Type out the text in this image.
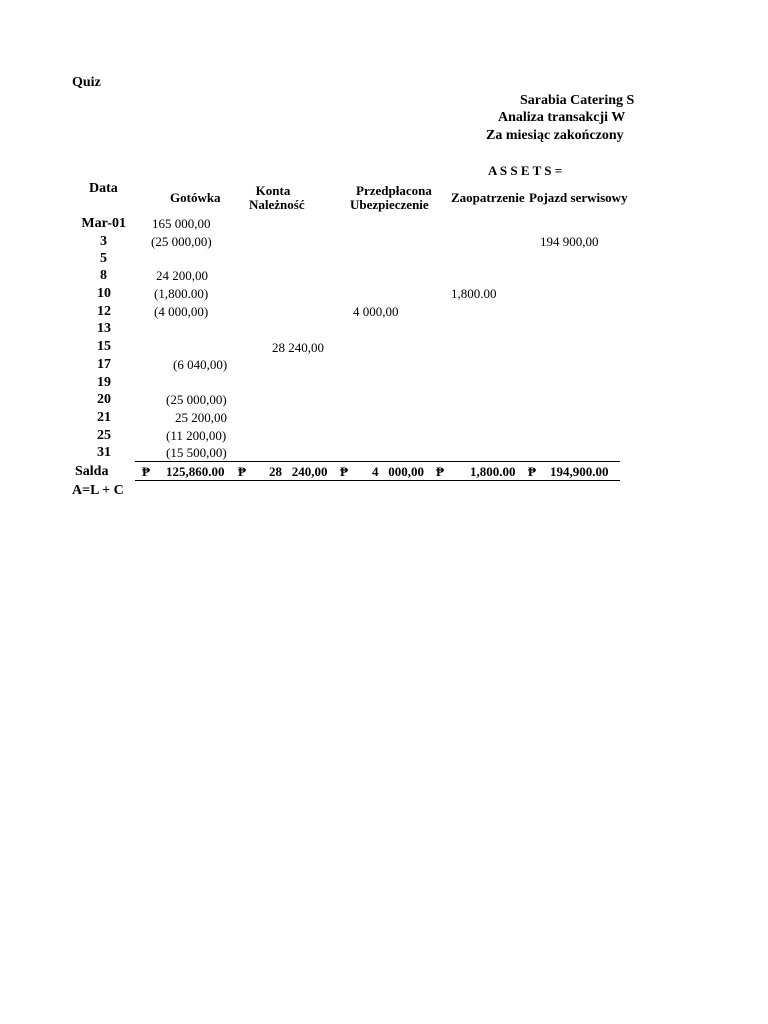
Quiz
Sarabia Catering S
Analiza transakcji W
Za miesiąc zakończony
A S S E T S =
Data
Gotówka	Konta
Należność
Przedpłacona
Ubezpieczenie Zaopatrzenie Pojazd serwisowy
Mar-01
3
5
8
10
12
13
15
17
19
20
21
25
31
165 000,00
(25 000,00)
24 200,00
(1,800.00)
(4 000,00)
(6 040,00)
(25 000,00)
25 200,00
(11 200,00)
(15 500,00)
28 240,00
4 000,00
1,800.00
194 900,00
Salda	₱ 125,860.00 ₱ 28   240,00 ₱ 4   000,00 ₱ 1,800.00 ₱ 194,900.00
A=L + C
